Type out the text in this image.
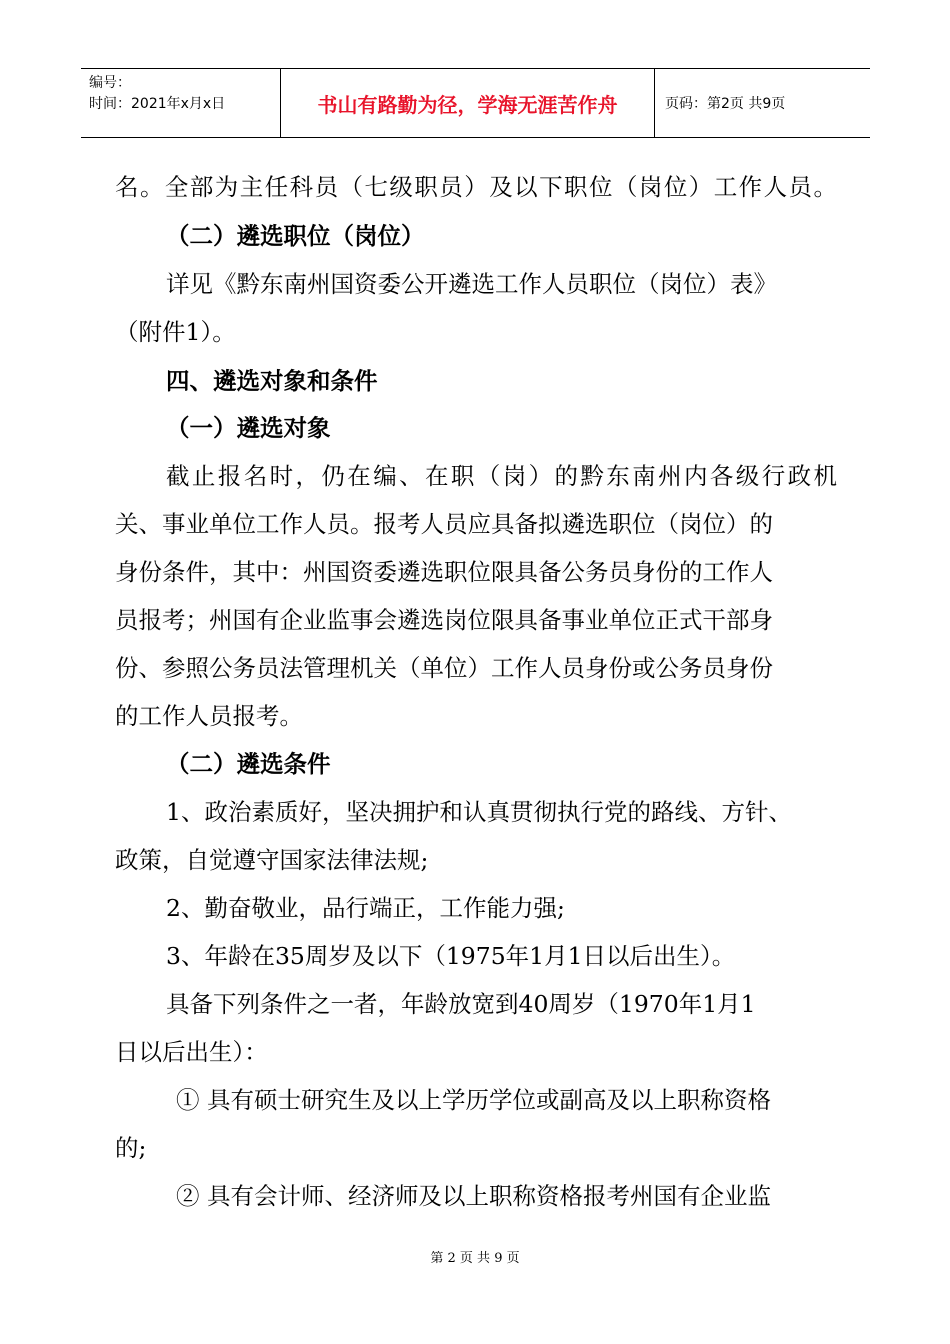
编号：
时间：2021年x月x日	书山有路勤为径，学海无涯苦作舟	页码：第2页 共9页
名。全部为主任科员（七级职员）及以下职位（岗位）工作人员。
（二）遴选职位（岗位）
详见《黔东南州国资委公开遴选工作人员职位（岗位）表》
（附件1）。
四、遴选对象和条件
（一）遴选对象
截止报名时，仍在编、在职（岗）的黔东南州内各级行政机
关、事业单位工作人员。报考人员应具备拟遴选职位（岗位）的
身份条件，其中：州国资委遴选职位限具备公务员身份的工作人
员报考；州国有企业监事会遴选岗位限具备事业单位正式干部身
份、参照公务员法管理机关（单位）工作人员身份或公务员身份
的工作人员报考。
（二）遴选条件
1、政治素质好，坚决拥护和认真贯彻执行党的路线、方针、
政策，自觉遵守国家法律法规;
2、勤奋敬业，品行端正，工作能力强;
3、年龄在35周岁及以下（1975年1月1日以后出生）。
具备下列条件之一者，年龄放宽到40周岁（1970年1月1
日以后出生）：
① 具有硕士研究生及以上学历学位或副高及以上职称资格
的;
② 具有会计师、经济师及以上职称资格报考州国有企业监
第 2 页 共 9 页
